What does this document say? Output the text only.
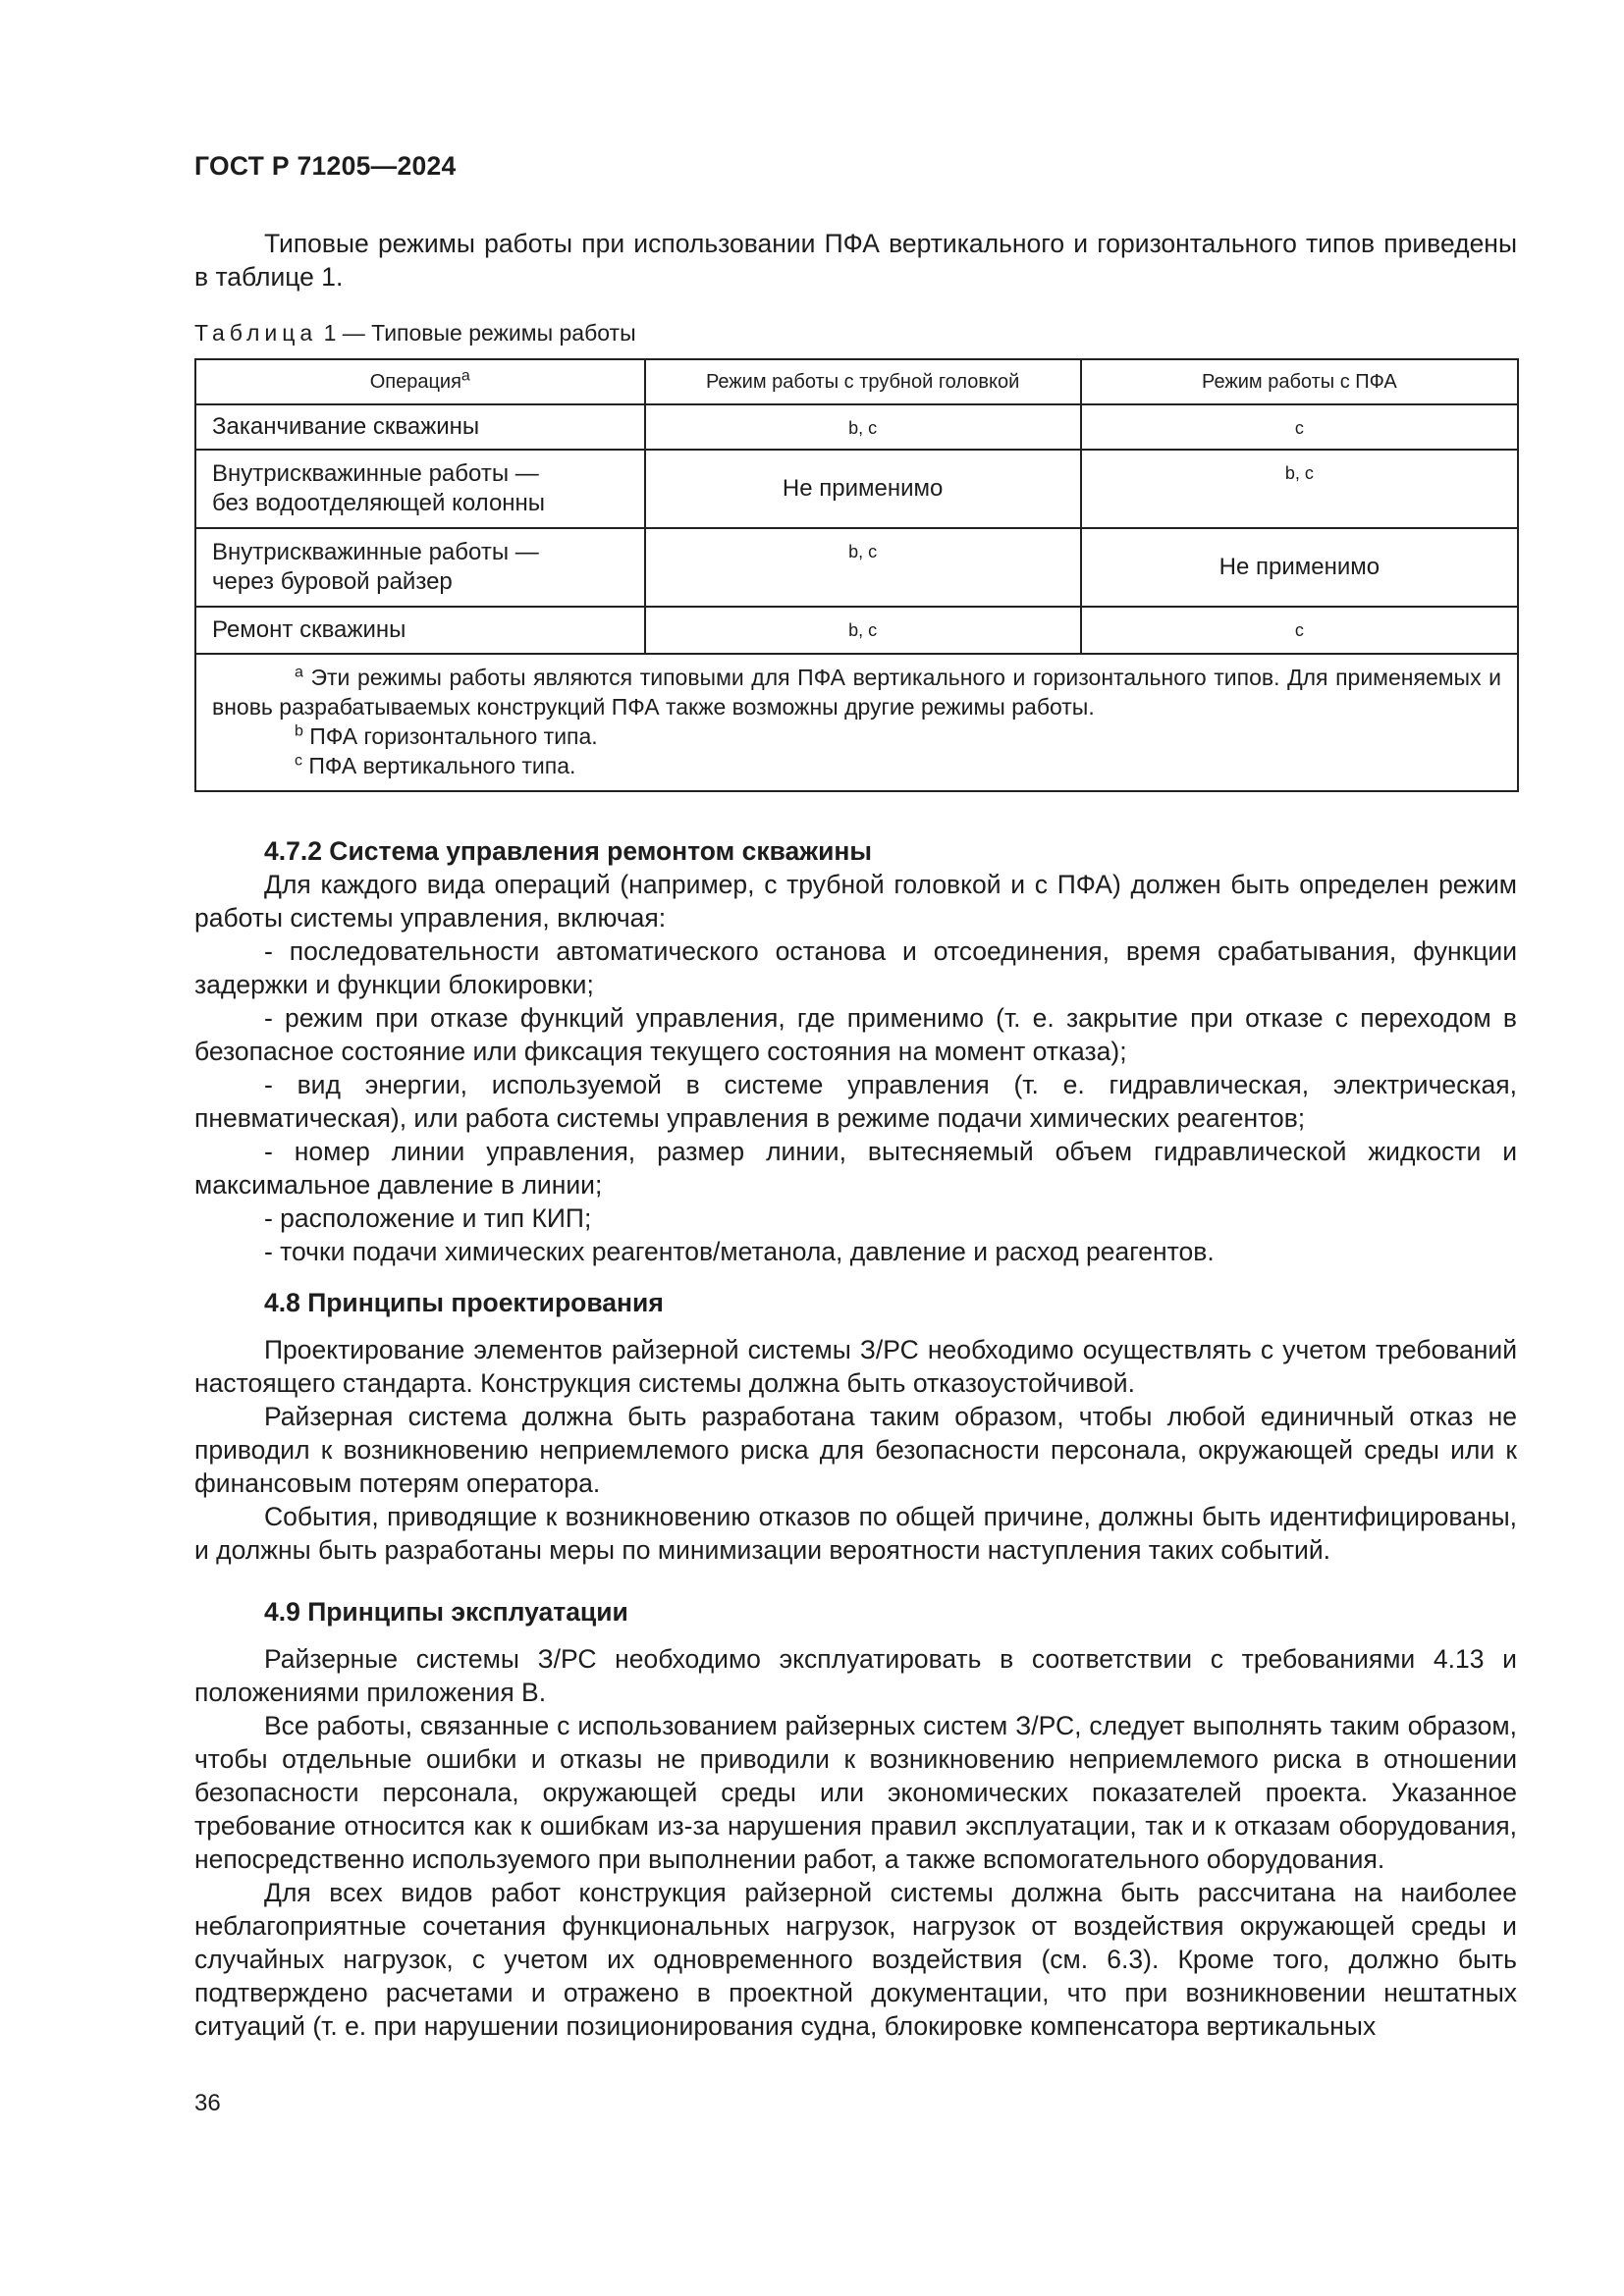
ГОСТ Р 71205—2024

Типовые режимы работы при использовании ПФА вертикального и горизонтального типов приведены в таблице 1.

Таблица 1 — Типовые режимы работы
Операция$^a$	Режим работы с трубной головкой	Режим работы с ПФА
Заканчивание скважины	b, c	c

Внутрискважинные работы —
без водоотделяющей колонны	Не применимо	b, c

Внутрискважинные работы —
через буровой райзер	b, c	Не применимо
Ремонт скважины	b, c	c

$^a$ Эти режимы работы являются типовыми для ПФА вертикального и горизонтального типов. Для применяемых и вновь разрабатываемых конструкций ПФА также возможны другие режимы работы.
$^b$ ПФА горизонтального типа.
$^c$ ПФА вертикального типа.		

4.7.2 Система управления ремонтом скважины

Для каждого вида операций (например, с трубной головкой и с ПФА) должен быть определен режим работы системы управления, включая:

- последовательности автоматического останова и отсоединения, время срабатывания, функции задержки и функции блокировки;

- режим при отказе функций управления, где применимо (т. е. закрытие при отказе с переходом в безопасное состояние или фиксация текущего состояния на момент отказа);

- вид энергии, используемой в системе управления (т. е. гидравлическая, электрическая, пневматическая), или работа системы управления в режиме подачи химических реагентов;

- номер линии управления, размер линии, вытесняемый объем гидравлической жидкости и максимальное давление в линии;

- расположение и тип КИП;

- точки подачи химических реагентов/метанола, давление и расход реагентов.

4.8 Принципы проектирования

Проектирование элементов райзерной системы З/РС необходимо осуществлять с учетом требований настоящего стандарта. Конструкция системы должна быть отказоустойчивой.

Райзерная система должна быть разработана таким образом, чтобы любой единичный отказ не приводил к возникновению неприемлемого риска для безопасности персонала, окружающей среды или к финансовым потерям оператора.

События, приводящие к возникновению отказов по общей причине, должны быть идентифицированы, и должны быть разработаны меры по минимизации вероятности наступления таких событий.

4.9 Принципы эксплуатации

Райзерные системы З/РС необходимо эксплуатировать в соответствии с требованиями 4.13 и положениями приложения В.

Все работы, связанные с использованием райзерных систем З/РС, следует выполнять таким образом, чтобы отдельные ошибки и отказы не приводили к возникновению неприемлемого риска в отношении безопасности персонала, окружающей среды или экономических показателей проекта. Указанное требование относится как к ошибкам из-за нарушения правил эксплуатации, так и к отказам оборудования, непосредственно используемого при выполнении работ, а также вспомогательного оборудования.

Для всех видов работ конструкция райзерной системы должна быть рассчитана на наиболее неблагоприятные сочетания функциональных нагрузок, нагрузок от воздействия окружающей среды и случайных нагрузок, с учетом их одновременного воздействия (см. 6.3). Кроме того, должно быть подтверждено расчетами и отражено в проектной документации, что при возникновении нештатных ситуаций (т. е. при нарушении позиционирования судна, блокировке компенсатора вертикальных

36
